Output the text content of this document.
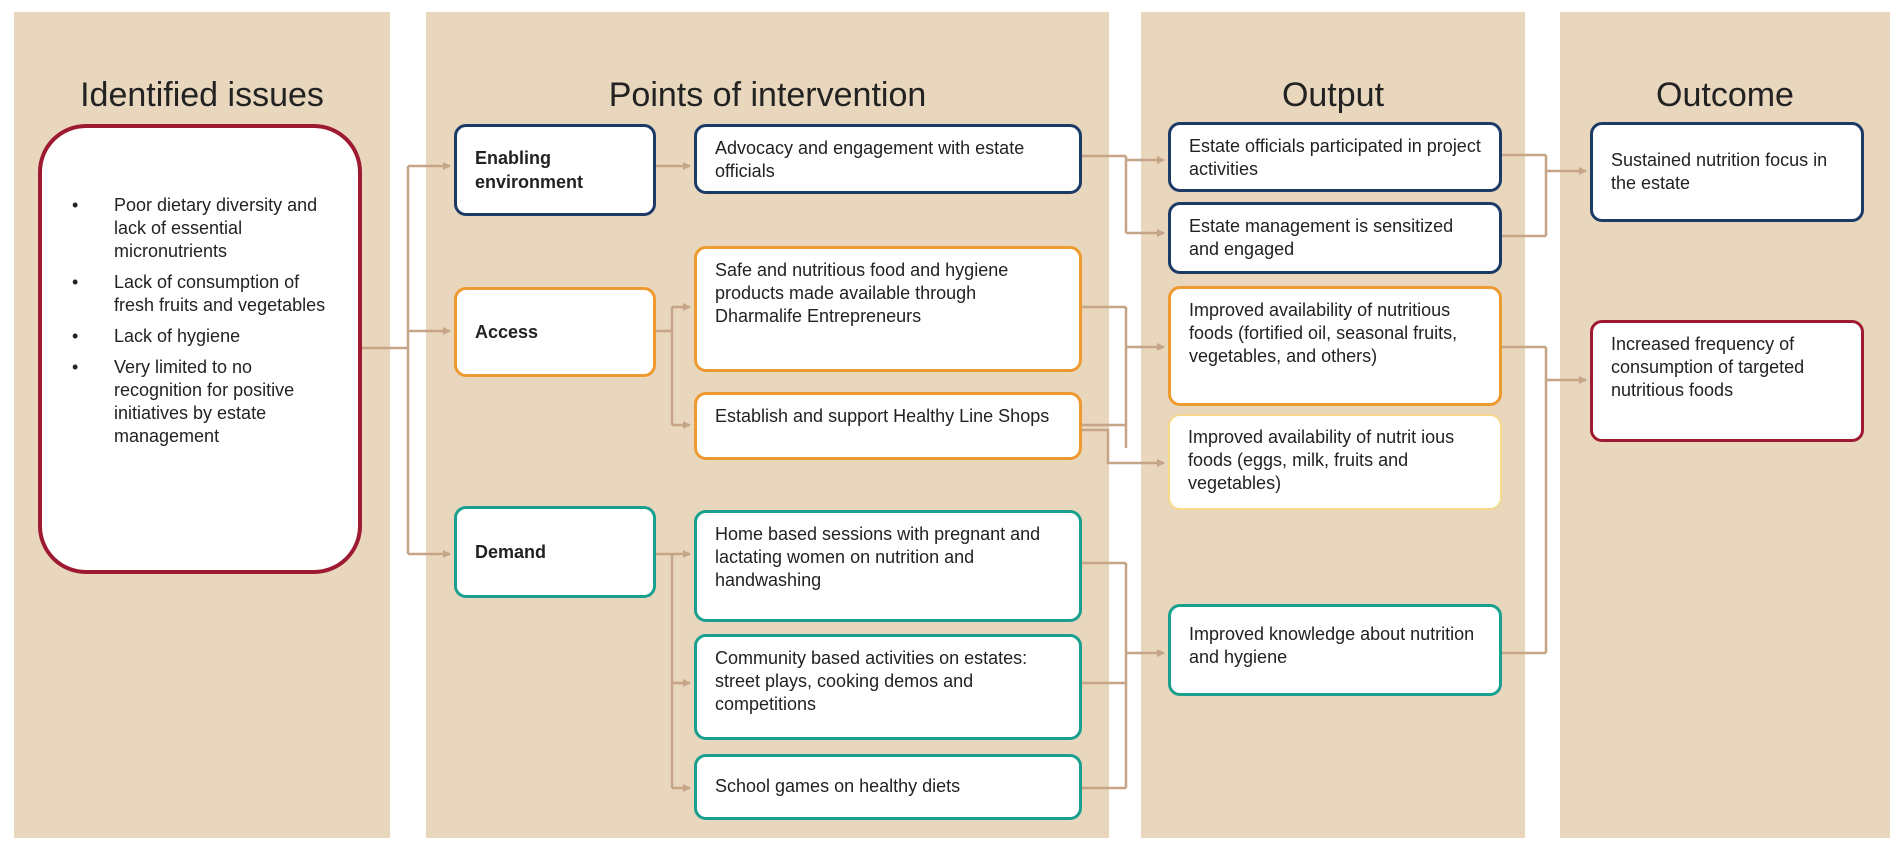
Identified issues	Points of intervention	Output	Outcome
• Poor dietary diversity and lack of essential micronutrients
• Lack of consumption of fresh fruits and vegetables
• Lack of hygiene
• Very limited to no recognition for positive initiatives by estate management
Enabling environment
Access
Demand
Advocacy and engagement with estate officials
Safe and nutritious food and hygiene products made available through Dharmalife Entrepreneurs
Establish and support Healthy Line Shops
Home based sessions with pregnant and lactating women on nutrition and handwashing
Community based activities on estates: street plays, cooking demos and competitions
School games on healthy diets
Estate officials participated in project activities
Estate management is sensitized and engaged
Improved availability of nutritious foods (fortified oil, seasonal fruits, vegetables, and others)
Improved availability of nutrit ious foods (eggs, milk, fruits and vegetables)
Improved knowledge about nutrition and hygiene
Sustained nutrition focus in the estate
Increased frequency of consumption of targeted nutritious foods
